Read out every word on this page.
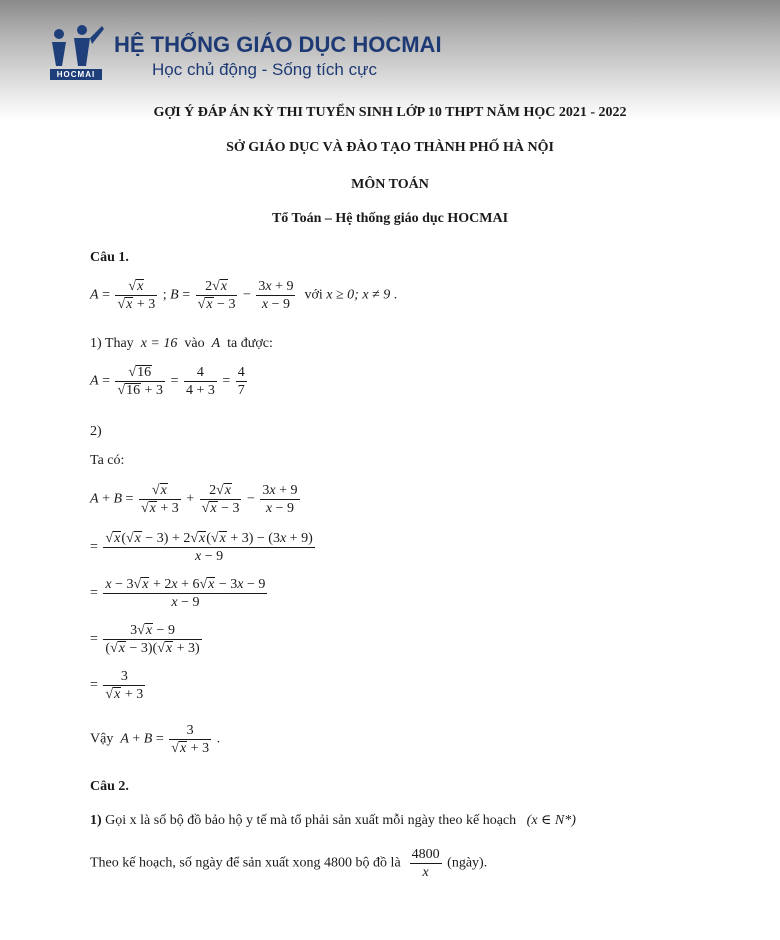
HOCMAI
HỆ THỐNG GIÁO DỤC HOCMAI
Học chủ động - Sống tích cực
GỢI Ý ĐÁP ÁN KỲ THI TUYỂN SINH LỚP 10 THPT NĂM HỌC 2021 - 2022
SỞ GIÁO DỤC VÀ ĐÀO TẠO THÀNH PHỐ HÀ NỘI
MÔN TOÁN
Tổ Toán – Hệ thống giáo dục HOCMAI
Câu 1.
$A = \frac{√x}{√x + 3}$ ; $B = \frac{2√x}{√x - 3} - \frac{3x + 9}{x - 9}$ với x ≥ 0; x ≠ 9 .
1) Thay x = 16 vào A ta được:
$A = \frac{√16}{√16 + 3} = \frac{4}{4 + 3} = \frac{4}{7}$
2)
Ta có:
$A + B = \frac{√x}{√x + 3} + \frac{2√x}{√x - 3} - \frac{3x + 9}{x - 9}$
= $\frac{√x(√x - 3) + 2√x(√x + 3) - (3x + 9)}{x - 9}$
= $\frac{x - 3√x + 2x + 6√x - 3x - 9}{x - 9}$
= $\frac{3√x - 9}{(√x - 3)(√x + 3)}$
= $\frac{3}{√x + 3}$
Vậy $A + B = \frac{3}{√x + 3}$ .
Câu 2.
1) Gọi x là số bộ đồ bảo hộ y tế mà tổ phải sản xuất mỗi ngày theo kế hoạch (x ∈ N*)
Theo kế hoạch, số ngày để sản xuất xong 4800 bộ đồ là $\frac{4800}{x}$ (ngày).
